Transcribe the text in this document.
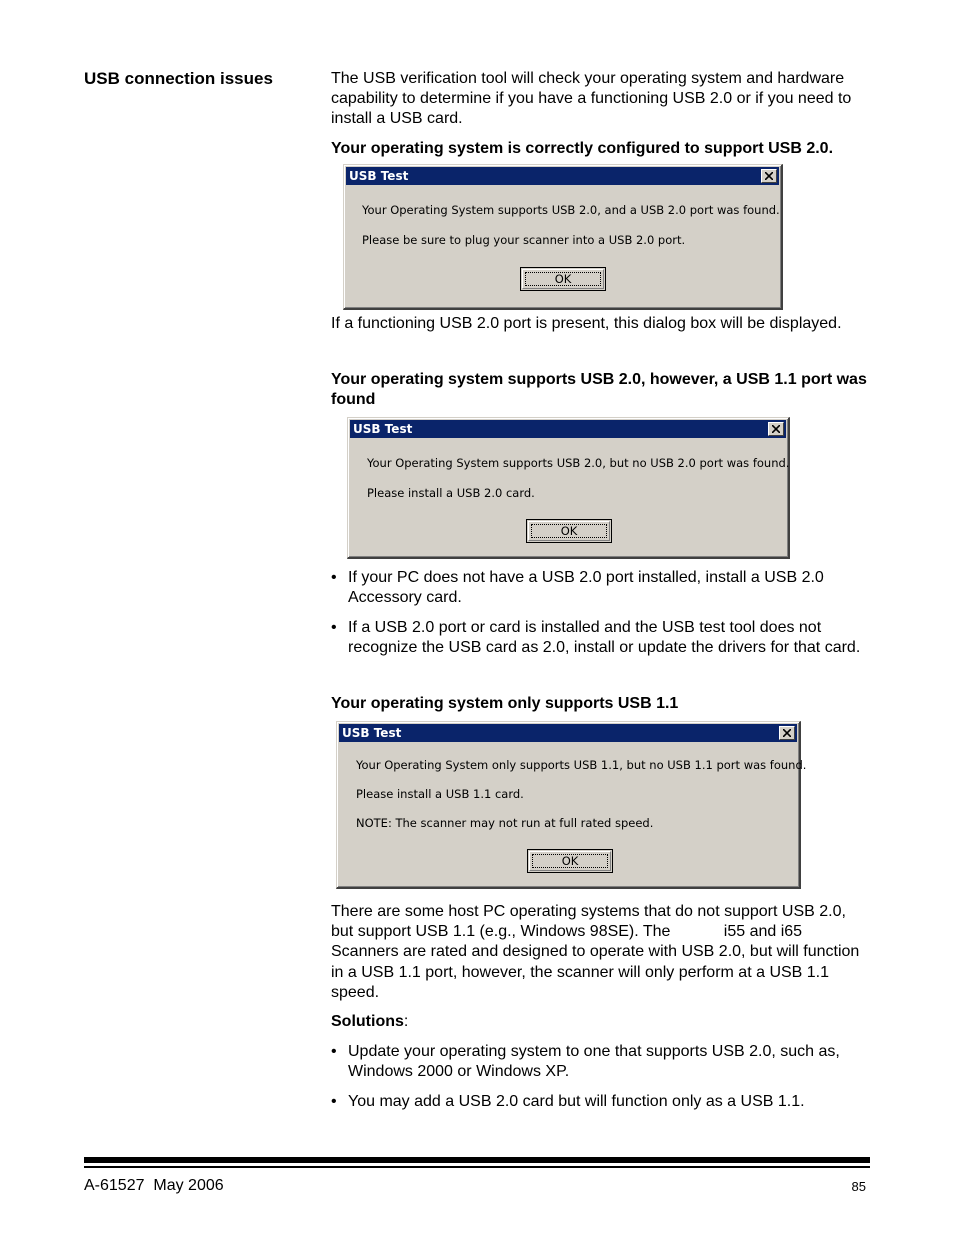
USB connection issues	The USB verification tool will check your operating system and hardware capability to determine if you have a functioning USB 2.0 or if you need to install a USB card.
Your operating system is correctly configured to support USB 2.0.
USB Test
Your Operating System supports USB 2.0, and a USB 2.0 port was found.
Please be sure to plug your scanner into a USB 2.0 port.
OK
If a functioning USB 2.0 port is present, this dialog box will be displayed.
Your operating system supports USB 2.0, however, a USB 1.1 port was found
USB Test
Your Operating System supports USB 2.0, but no USB 2.0 port was found.
Please install a USB 2.0 card.
OK
• If your PC does not have a USB 2.0 port installed, install a USB 2.0 Accessory card.
• If a USB 2.0 port or card is installed and the USB test tool does not recognize the USB card as 2.0, install or update the drivers for that card.
Your operating system only supports USB 1.1
USB Test
Your Operating System only supports USB 1.1, but no USB 1.1 port was found.
Please install a USB 1.1 card.
NOTE: The scanner may not run at full rated speed.
OK
There are some host PC operating systems that do not support USB 2.0, but support USB 1.1 (e.g., Windows 98SE). The            i55 and i65 Scanners are rated and designed to operate with USB 2.0, but will function in a USB 1.1 port, however, the scanner will only perform at a USB 1.1 speed.
Solutions:
• Update your operating system to one that supports USB 2.0, such as, Windows 2000 or Windows XP.
• You may add a USB 2.0 card but will function only as a USB 1.1.
A-61527  May 2006	85
